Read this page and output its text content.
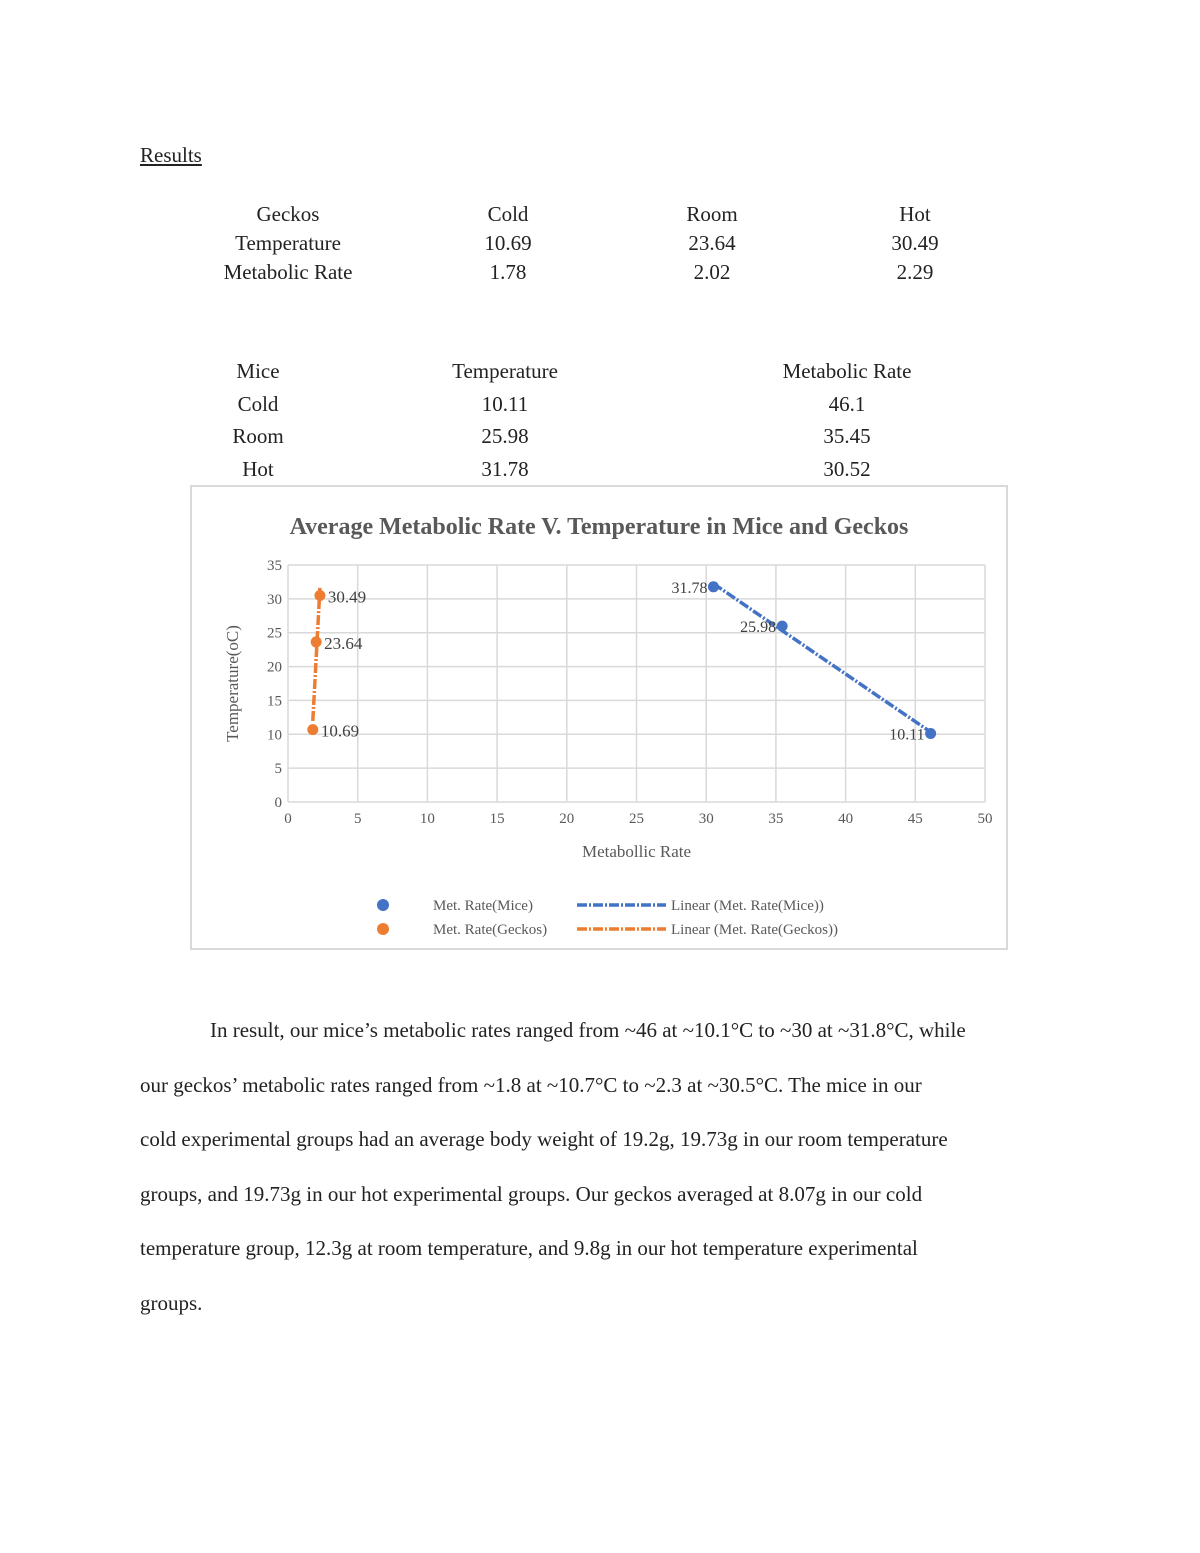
Results
Geckos	Cold	Room	Hot
Temperature	10.69	23.64	30.49
Metabolic Rate	1.78	2.02	2.29
Mice	Temperature	Metabolic Rate
Cold	10.11	46.1
Room	25.98	35.45
Hot	31.78	30.52
Average Metabolic Rate V. Temperature in Mice and Geckos
0	5	10	15	20	25	30	35	40	45	50
0
5
10
15
20
25
30
35
Metabollic Rate
Temperature(oC)	10.11
25.98
31.78
10.69
23.64
30.49
Met. Rate(Mice)	Linear (Met. Rate(Mice))
Met. Rate(Geckos)	Linear (Met. Rate(Geckos))
In result, our mice’s metabolic rates ranged from ~46 at ~10.1°C to ~30 at ~31.8°C, while
our geckos’ metabolic rates ranged from ~1.8 at ~10.7°C to ~2.3 at ~30.5°C. The mice in our
cold experimental groups had an average body weight of 19.2g, 19.73g in our room temperature
groups, and 19.73g in our hot experimental groups. Our geckos averaged at 8.07g in our cold
temperature group, 12.3g at room temperature, and 9.8g in our hot temperature experimental
groups.
